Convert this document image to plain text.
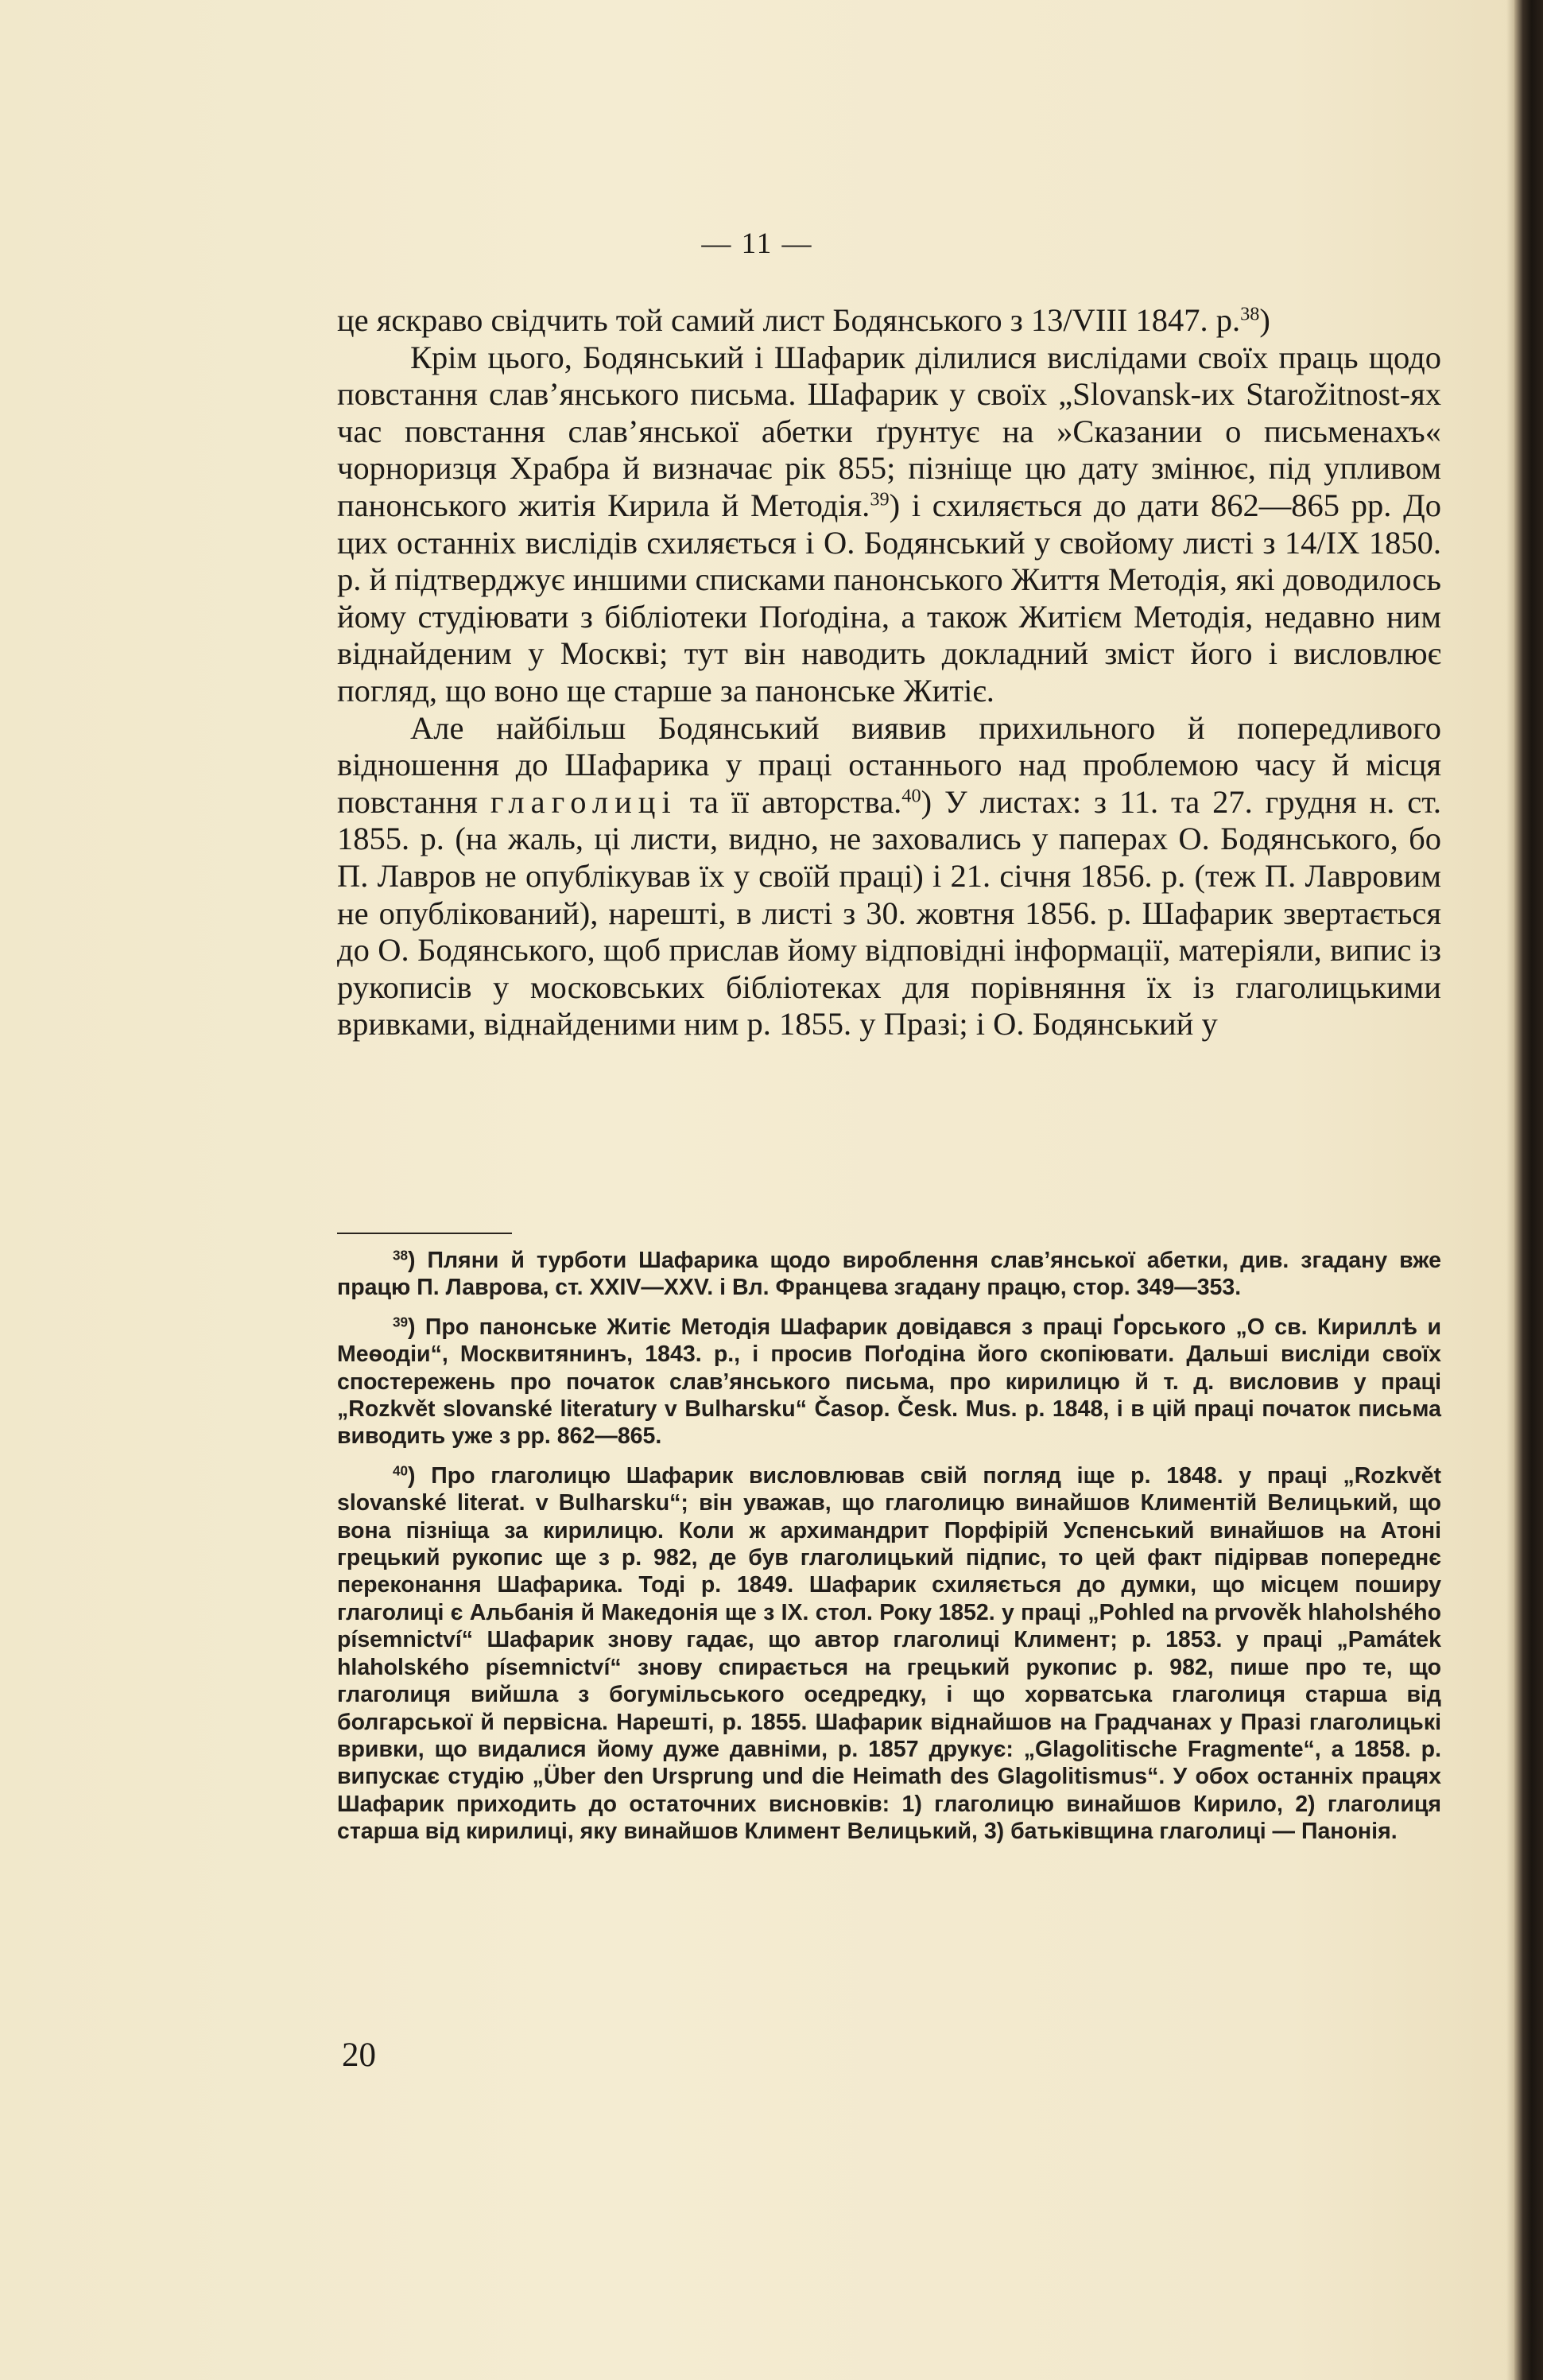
— 11 —

це яскраво свідчить той самий лист Бодянського з 13/VIII 1847. р.$^{38}$)

Крім цього, Бодянський і Шафарик ділилися вислідами своїх праць щодо повстання слав’янського письма. Шафарик у своїх „Slovansk-их Starožitnost-ях час повстання слав’янської абетки ґрунтує на »Сказании о письменахъ« чорноризця Храбра й визначає рік 855; пізніще цю дату змінює, під упливом панонського житія Кирила й Методія.$^{39}$) і схиляється до дати 862—865 рр. До цих останніх вислідів схиляється і О. Бодянський у свойому листі з 14/IX 1850. р. й підтверджує иншими списками панонського Життя Методія, які доводилось йому студіювати з бібліотеки Поґодіна, а також Житієм Методія, недавно ним віднайденим у Москві; тут він наводить докладний зміст його і висловлює погляд, що воно ще старше за панонське Житіє.

Але найбільш Бодянський виявив прихильного й попередливого відношення до Шафарика у праці останнього над проблемою часу й місця повстання глаголиці та її авторства.$^{40}$) У листах: з 11. та 27. грудня н. ст. 1855. р. (на жаль, ці листи, видно, не заховались у паперах О. Бодянського, бо П. Лавров не опублікував їх у своїй праці) і 21. січня 1856. р. (теж П. Лавровим не опублікований), нарешті, в листі з 30. жовтня 1856. р. Шафарик звертається до О. Бодянського, щоб прислав йому відповідні інформації, матеріяли, випис із рукописів у московських бібліотеках для порівняння їх із глаголицькими вривками, віднайденими ним р. 1855. у Празі; і О. Бодянський у

$^{38}$) Пляни й турботи Шафарика щодо вироблення слав’янської абетки, див. згадану вже працю П. Лаврова, ст. XXIV—XXV. і Вл. Францева згадану працю, стор. 349—353.

$^{39}$) Про панонське Житіє Методія Шафарик довідався з праці Ґорського „О св. Кириллѣ и Меѳодіи“, Москвитянинъ, 1843. р., і просив Поґодіна його скопіювати. Дальші висліди своїх спостережень про початок слав’янського письма, про кирилицю й т. д. висловив у праці „Rozkvět slovanské literatury v Bulharsku“ Časop. Česk. Mus. p. 1848, і в цій праці початок письма виводить уже з рр. 862—865.

$^{40}$) Про глаголицю Шафарик висловлював свій погляд іще р. 1848. у праці „Rozkvět slovanské literat. v Bulharsku“; він уважав, що глаголицю винайшов Климентій Велицький, що вона пізніща за кирилицю. Коли ж архимандрит Порфірій Успенський винайшов на Атоні грецький рукопис ще з р. 982, де був глаголицький підпис, то цей факт підірвав попереднє переконання Шафарика. Тоді р. 1849. Шафарик схиляється до думки, що місцем поширу глаголиці є Альбанія й Македонія ще з IX. стол. Року 1852. у праці „Pohled na prvověk hlaholshého písemnictví“ Шафарик знову гадає, що автор глаголиці Климент; р. 1853. у праці „Památek hlaholského písemnictví“ знову спирається на грецький рукопис р. 982, пише про те, що глаголиця вийшла з богумільського оседредку, і що хорватська глаголиця старша від болгарської й первісна. Нарешті, р. 1855. Шафарик віднайшов на Градчанах у Празі глаголицькі вривки, що видалися йому дуже давніми, р. 1857 друкує: „Glagolitische Fragmente“, а 1858. р. випускає студію „Über den Ursprung und die Heimath des Glagolitismus“. У обох останніх працях Шафарик приходить до остаточних висновків: 1) глаголицю винайшов Кирило, 2) глаголиця старша від кирилиці, яку винайшов Климент Велицький, 3) батьківщина глаголиці — Панонія.

20
